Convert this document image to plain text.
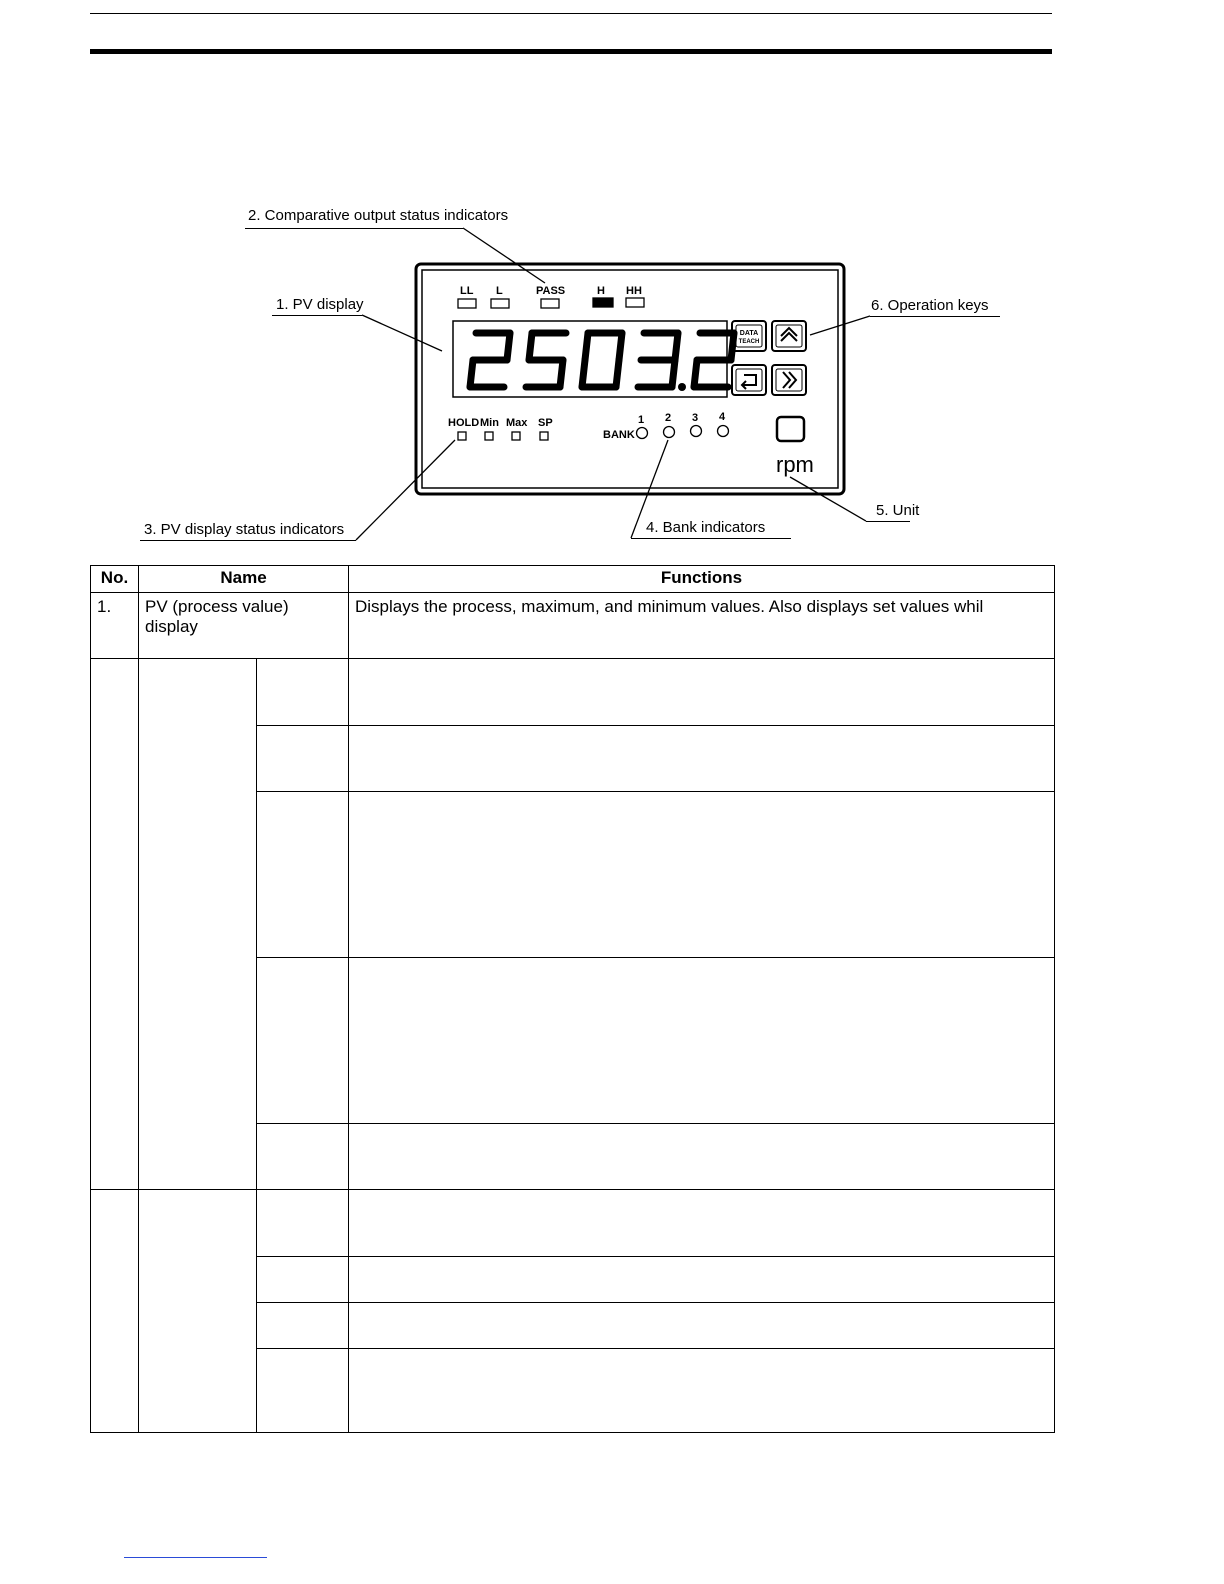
2. Comparative output status indicators
1. PV display	6. Operation keys
5. Unit
3. PV display status indicators	4. Bank indicators
LL L	PASS	H HH
DATA
TEACH
HOLD Min Max SP
BANK
1 2 3 4
rpm
No.	Name		Functions
1.	PV (process value) display		Displays the process, maximum, and minimum values. Also displays set values whil
